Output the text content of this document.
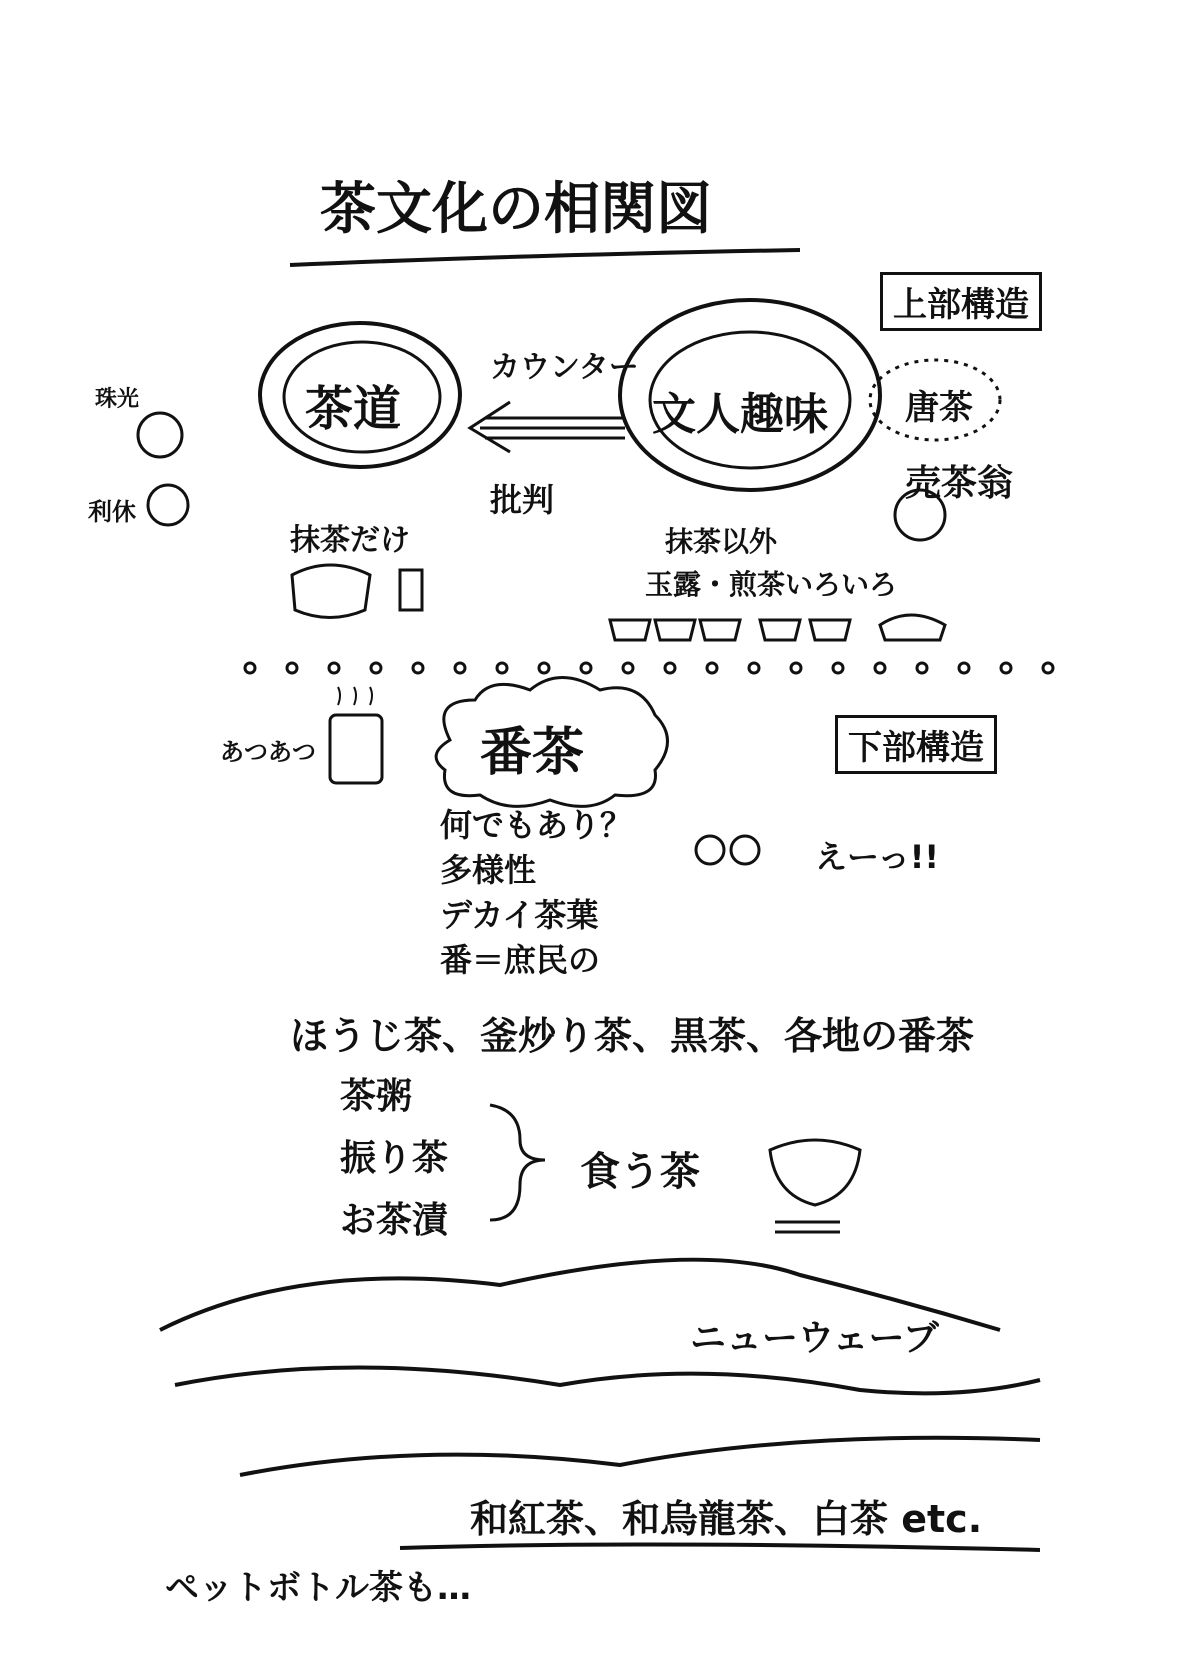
茶文化の相関図
上部構造
茶道	文人趣味
カウンター
批判
珠光
利休
唐茶
売茶翁
抹茶だけ	抹茶以外
玉露・煎茶いろいろ
下部構造
番茶
あつあつ
何でもあり？
多様性
デカイ茶葉
番＝庶民の
えーっ!!
ほうじ茶、釜炒り茶、黒茶、各地の番茶
茶粥
振り茶
お茶漬
食う茶
ニューウェーブ
和紅茶、和烏龍茶、白茶 etc.
ペットボトル茶も…
